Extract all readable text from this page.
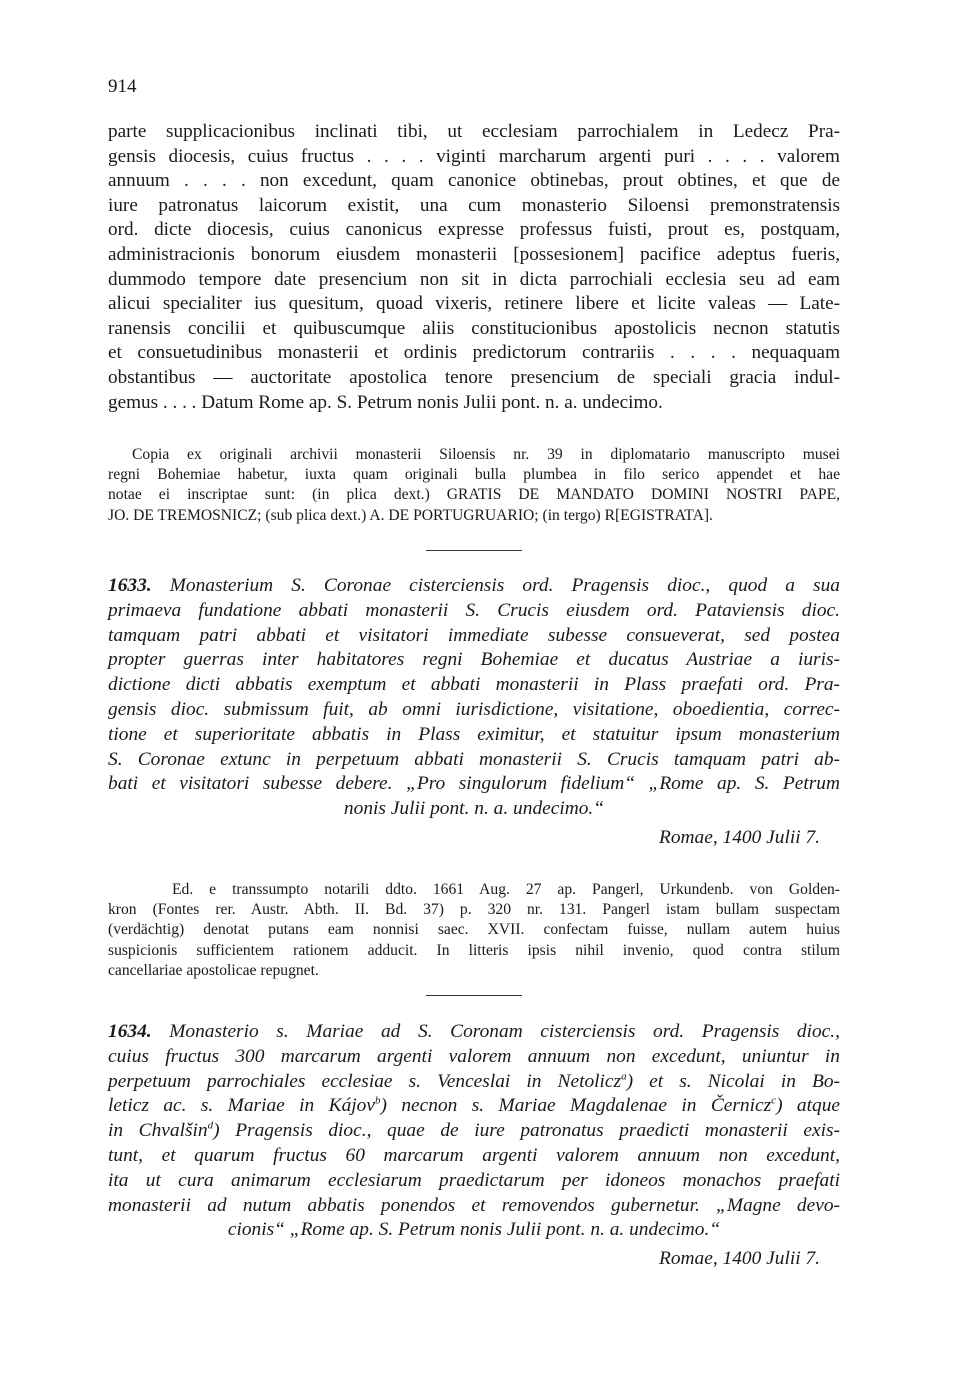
914
parte supplicacionibus inclinati tibi, ut ecclesiam parrochialem in Ledecz Pra-
gensis diocesis, cuius fructus . . . . viginti marcharum argenti puri . . . . valorem
annuum . . . . non excedunt, quam canonice obtinebas, prout obtines, et que de
iure patronatus laicorum existit, una cum monasterio Siloensi premonstratensis
ord. dicte diocesis, cuius canonicus expresse professus fuisti, prout es, postquam,
administracionis bonorum eiusdem monasterii [possesionem] pacifice adeptus fueris,
dummodo tempore date presencium non sit in dicta parrochiali ecclesia seu ad eam
alicui specialiter ius quesitum, quoad vixeris, retinere libere et licite valeas — Late-
ranensis concilii et quibuscumque aliis constitucionibus apostolicis necnon statutis
et consuetudinibus monasterii et ordinis predictorum contrariis . . . . nequaquam
obstantibus — auctoritate apostolica tenore presencium de speciali gracia indul-
gemus . . . . Datum Rome ap. S. Petrum nonis Julii pont. n. a. undecimo.
Copia ex originali archivii monasterii Siloensis nr. 39 in diplomatario manuscripto musei
regni Bohemiae habetur, iuxta quam originali bulla plumbea in filo serico appendet et hae
notae ei inscriptae sunt: (in plica dext.) GRATIS DE MANDATO DOMINI NOSTRI PAPE,
JO. DE TREMOSNICZ; (sub plica dext.) A. DE PORTUGRUARIO; (in tergo) R[EGISTRATA].
1633. Monasterium S. Coronae cisterciensis ord. Pragensis dioc., quod a sua
primaeva fundatione abbati monasterii S. Crucis eiusdem ord. Pataviensis dioc.
tamquam patri abbati et visitatori immediate subesse consueverat, sed postea
propter guerras inter habitatores regni Bohemiae et ducatus Austriae a iuris-
dictione dicti abbatis exemptum et abbati monasterii in Plass praefati ord. Pra-
gensis dioc. submissum fuit, ab omni iurisdictione, visitatione, oboedientia, correc-
tione et superioritate abbatis in Plass eximitur, et statuitur ipsum monasterium
S. Coronae extunc in perpetuum abbati monasterii S. Crucis tamquam patri ab-
bati et visitatori subesse debere. „Pro singulorum fidelium“ „Rome ap. S. Petrum
nonis Julii pont. n. a. undecimo.“
Romae, 1400 Julii 7.
Ed. e transsumpto notarili ddto. 1661 Aug. 27 ap. Pangerl, Urkundenb. von Golden-
kron (Fontes rer. Austr. Abth. II. Bd. 37) p. 320 nr. 131. Pangerl istam bullam suspectam
(verdächtig) denotat putans eam nonnisi saec. XVII. confectam fuisse, nullam autem huius
suspicionis sufficientem rationem adducit. In litteris ipsis nihil invenio, quod contra stilum
cancellariae apostolicae repugnet.
1634. Monasterio s. Mariae ad S. Coronam cisterciensis ord. Pragensis dioc.,
cuius fructus 300 marcarum argenti valorem annuum non excedunt, uniuntur in
perpetuum parrochiales ecclesiae s. Venceslai in Netolicz$^a$) et s. Nicolai in Bo-
leticz ac. s. Mariae in Kájov$^b$) necnon s. Mariae Magdalenae in Černicz$^c$) atque
in Chvalšin$^d$) Pragensis dioc., quae de iure patronatus praedicti monasterii exis-
tunt, et quarum fructus 60 marcarum argenti valorem annuum non excedunt,
ita ut cura animarum ecclesiarum praedictarum per idoneos monachos praefati
monasterii ad nutum abbatis ponendos et removendos gubernetur. „Magne devo-
cionis“ „Rome ap. S. Petrum nonis Julii pont. n. a. undecimo.“
Romae, 1400 Julii 7.
